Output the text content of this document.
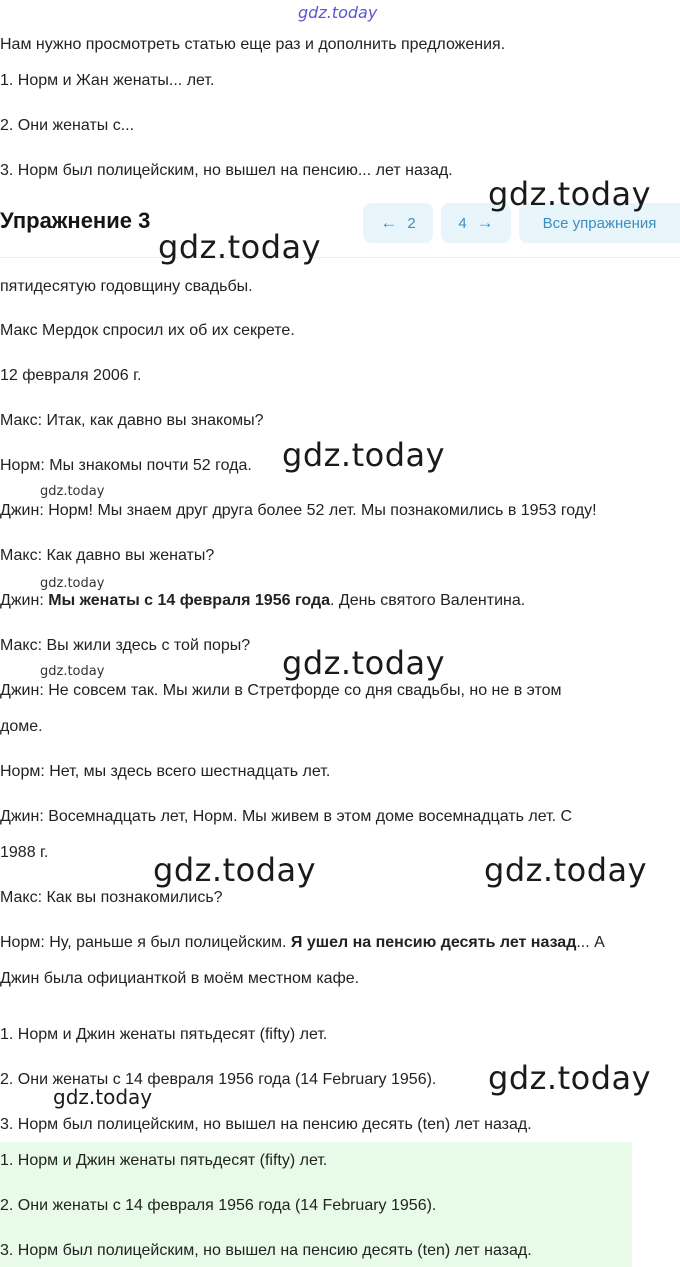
gdz.today
Нам нужно просмотреть статью еще раз и дополнить предложения.
1. Норм и Жан женаты... лет.
2. Они женаты с...
3. Норм был полицейским, но вышел на пенсию... лет назад.
Упражнение 3	← 2	4 →	Все упражнения
пятидесятую годовщину свадьбы.
Макс Мердок спросил их об их секрете.
12 февраля 2006 г.
Макс: Итак, как давно вы знакомы?
Норм: Мы знакомы почти 52 года.
Джин: Норм! Мы знаем друг друга более 52 лет. Мы познакомились в 1953 году!
Макс: Как давно вы женаты?
Джин: Мы женаты с 14 февраля 1956 года. День святого Валентина.
Макс: Вы жили здесь с той поры?
Джин: Не совсем так. Мы жили в Стретфорде со дня свадьбы, но не в этом
доме.
Норм: Нет, мы здесь всего шестнадцать лет.
Джин: Восемнадцать лет, Норм. Мы живем в этом доме восемнадцать лет. С
1988 г.
Макс: Как вы познакомились?
Норм: Ну, раньше я был полицейским. Я ушел на пенсию десять лет назад... А
Джин была официанткой в моём местном кафе.
1. Норм и Джин женаты пятьдесят (fifty) лет.
2. Они женаты с 14 февраля 1956 года (14 February 1956).
3. Норм был полицейским, но вышел на пенсию десять (ten) лет назад.
1. Норм и Джин женаты пятьдесят (fifty) лет.
2. Они женаты с 14 февраля 1956 года (14 February 1956).
3. Норм был полицейским, но вышел на пенсию десять (ten) лет назад.
gdz.today
gdz.today
gdz.today
gdz.today
gdz.today
gdz.today
gdz.today
gdz.today	gdz.today
gdz.today
gdz.today
